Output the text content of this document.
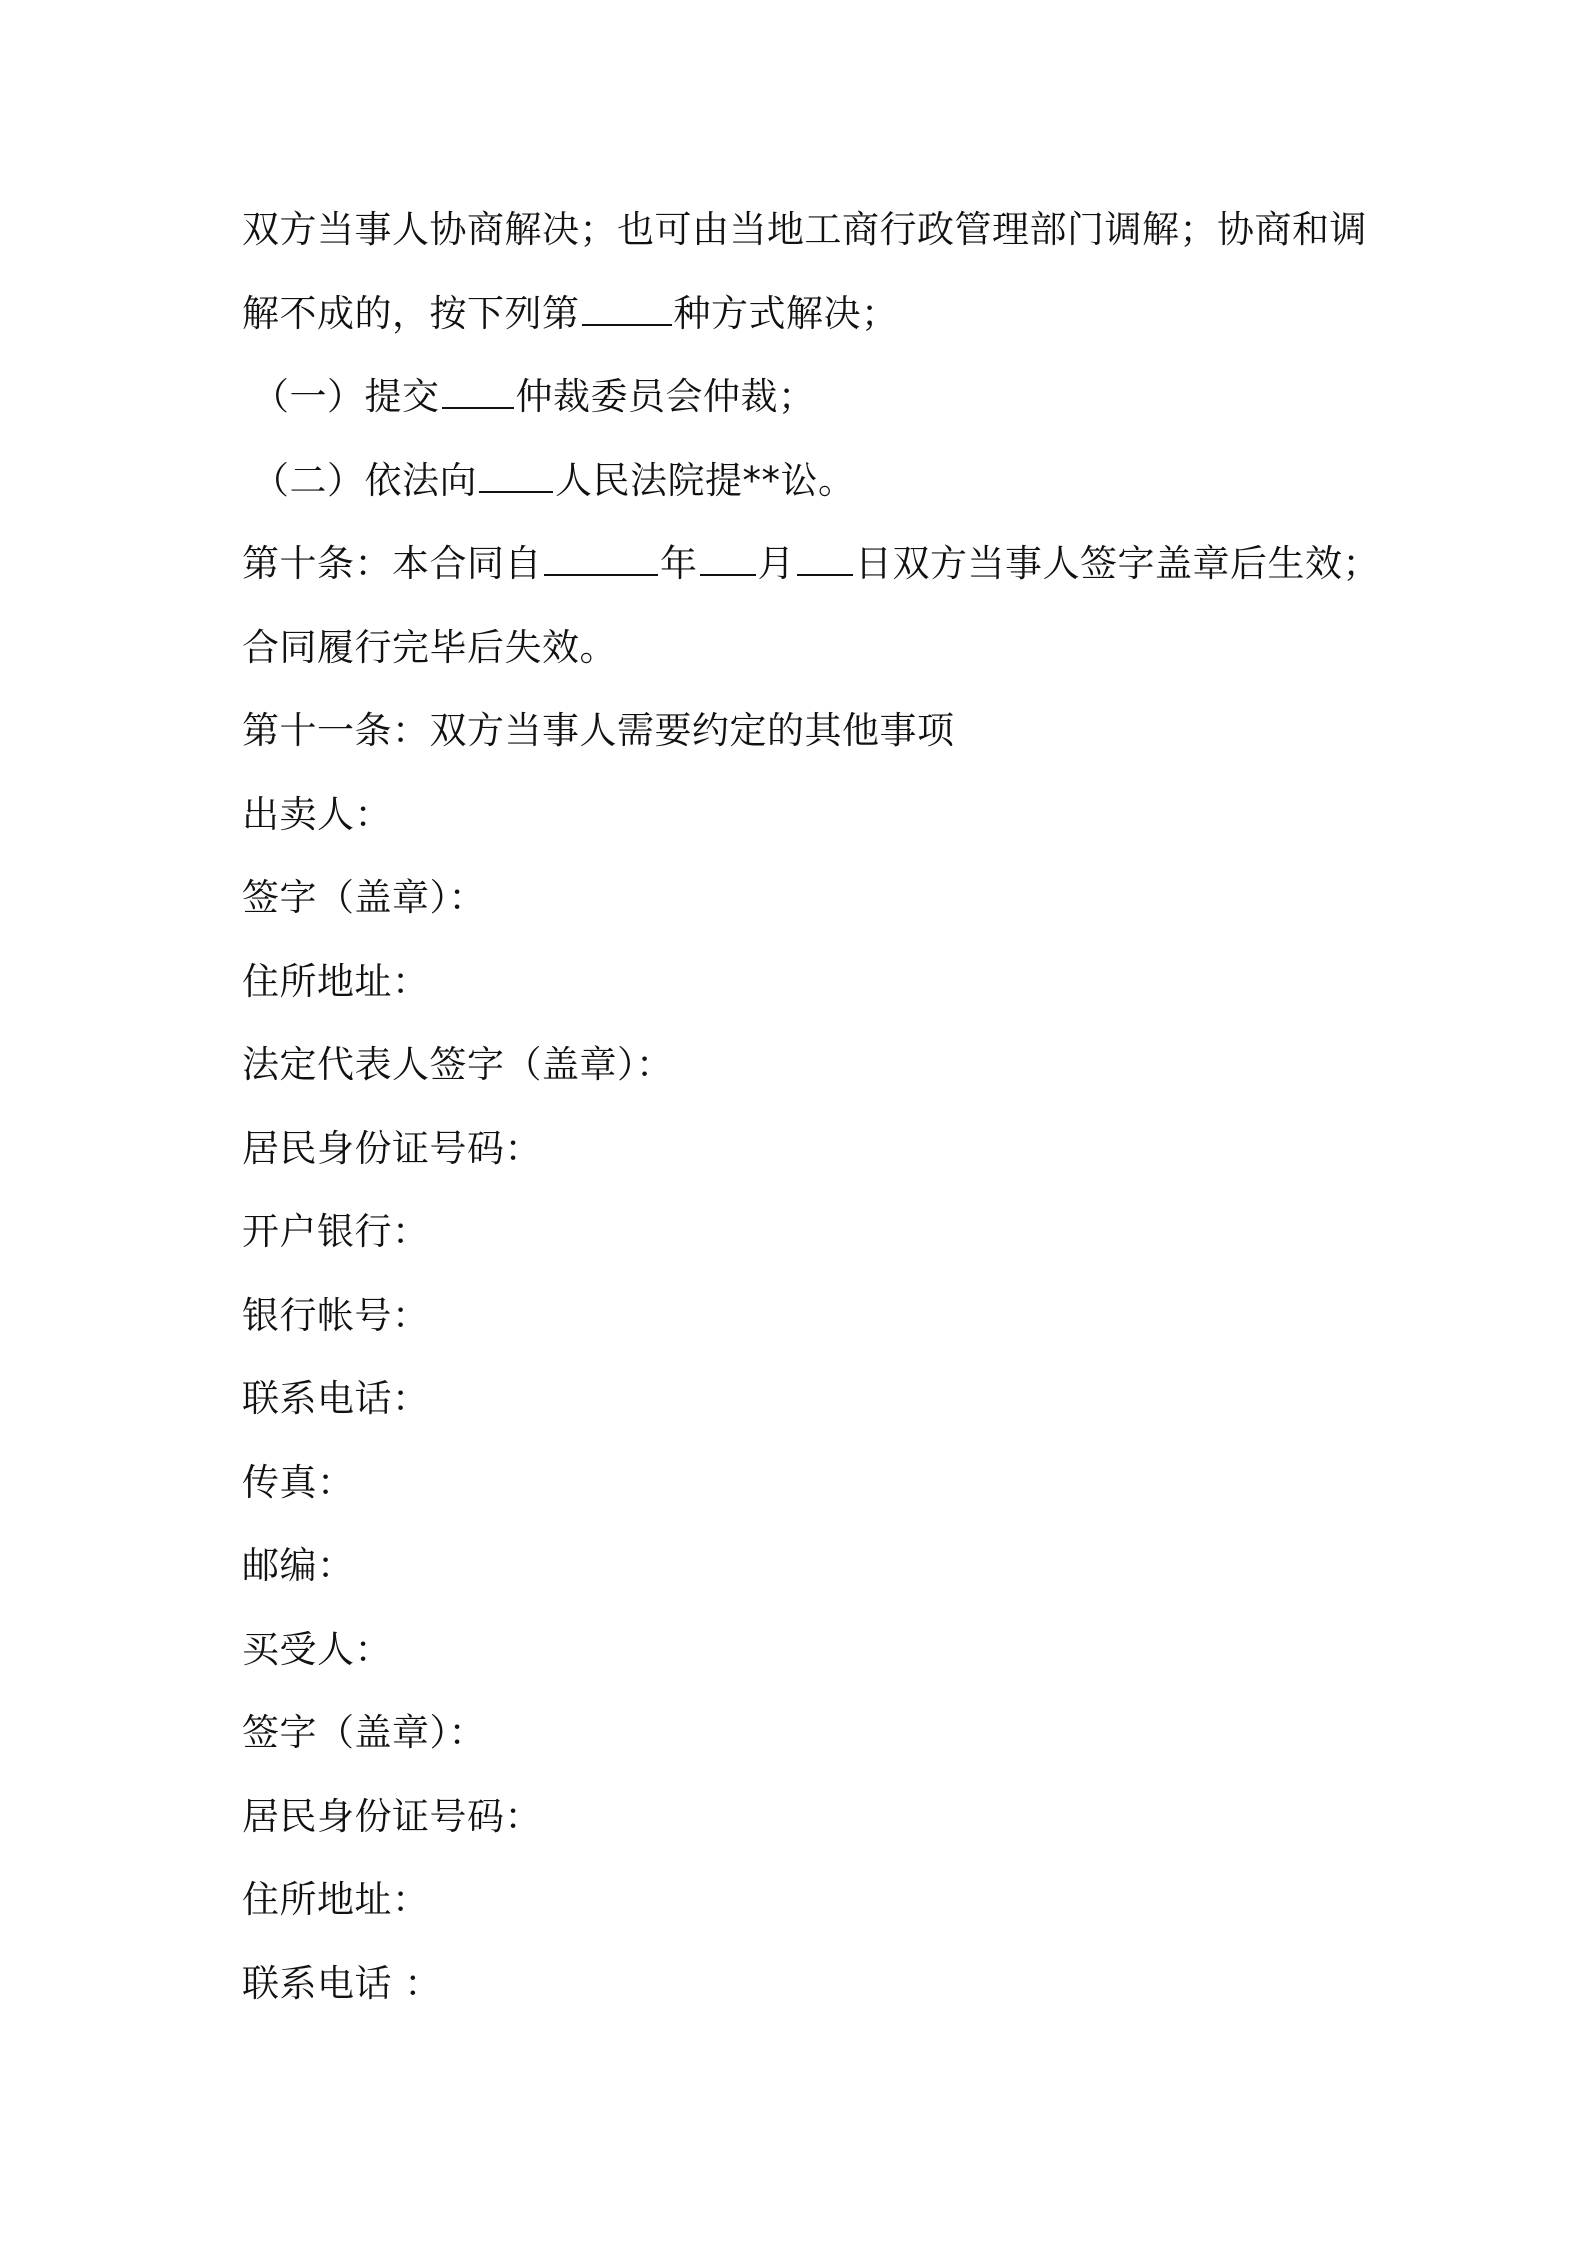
双方当事人协商解决；也可由当地工商行政管理部门调解；协商和调
解不成的，按下列第	种方式解决；
（一）提交 仲裁委员会仲裁；
（二）依法向 人民法院提**讼。
第十条：本合同自	年 月 日双方当事人签字盖章后生效；
合同履行完毕后失效。
第十一条：双方当事人需要约定的其他事项
出卖人：
签字（盖章）：
住所地址：
法定代表人签字（盖章）：
居民身份证号码：
开户银行：
银行帐号：
联系电话：
传真：
邮编：
买受人：
签字（盖章）：
居民身份证号码：
住所地址：
联系电话 ：
